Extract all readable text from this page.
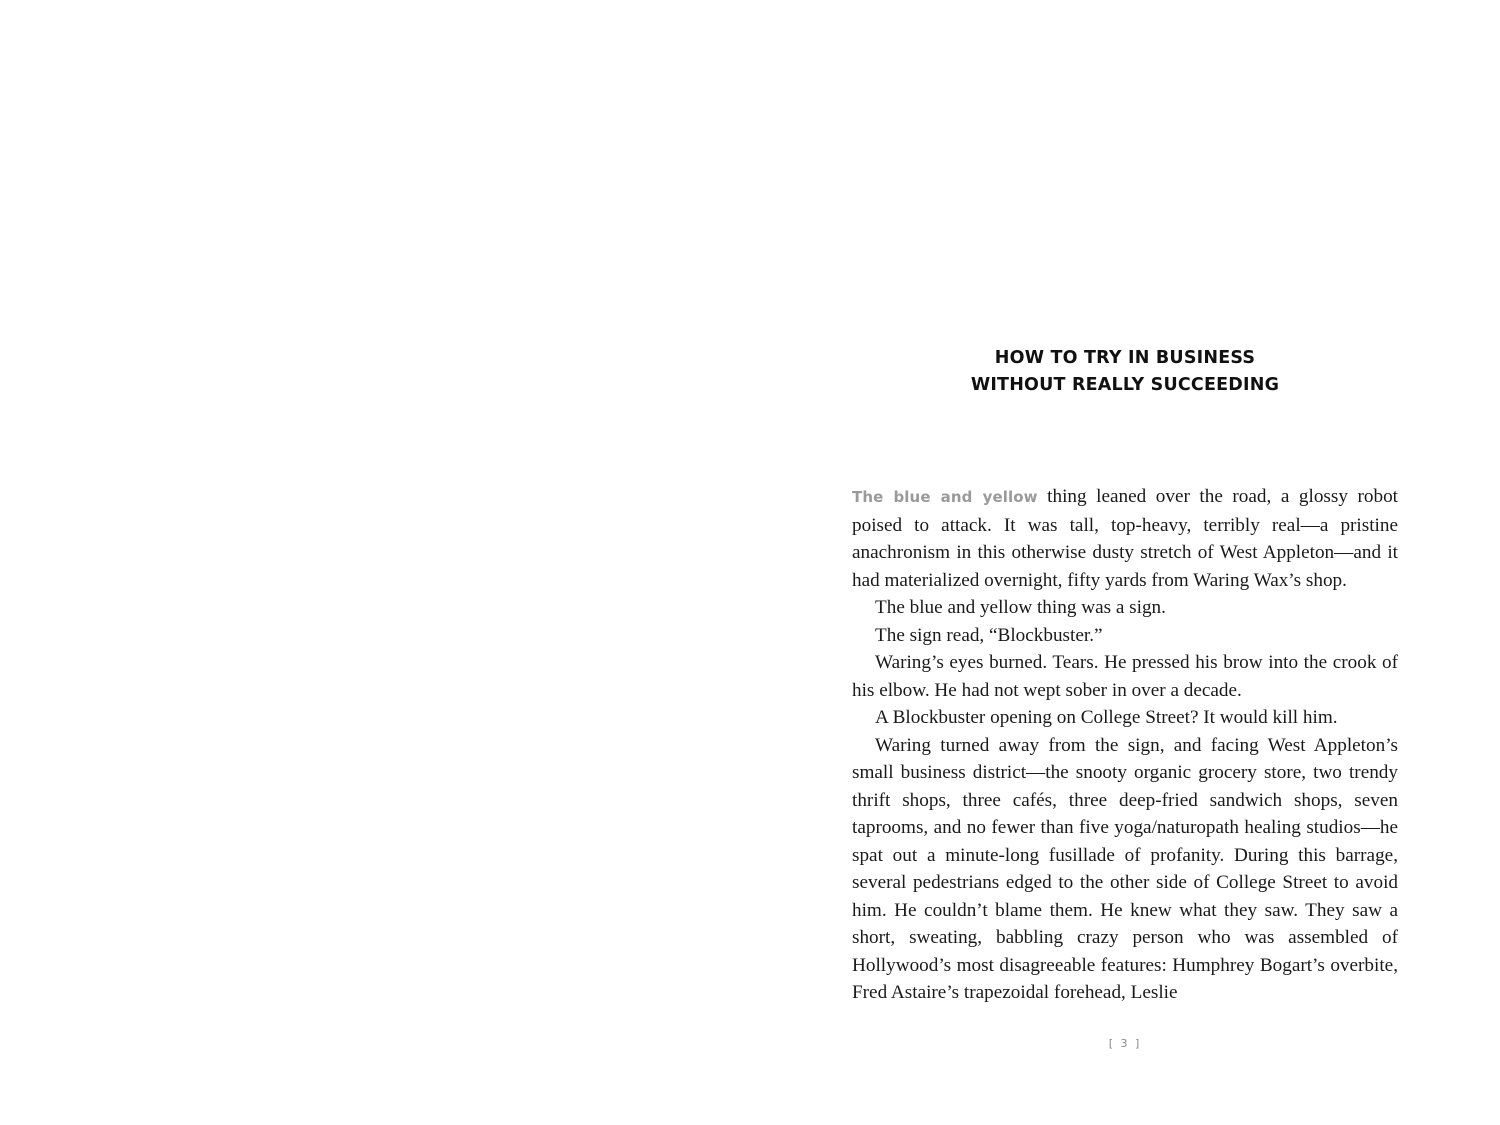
HOW TO TRY IN BUSINESS
WITHOUT REALLY SUCCEEDING

The blue and yellow thing leaned over the road, a glossy robot poised to attack. It was tall, top-heavy, terribly real—a pristine anachronism in this otherwise dusty stretch of West Appleton—and it had materialized overnight, fifty yards from Waring Wax’s shop.

The blue and yellow thing was a sign.

The sign read, “Blockbuster.”

Waring’s eyes burned. Tears. He pressed his brow into the crook of his elbow. He had not wept sober in over a decade.

A Blockbuster opening on College Street? It would kill him.

Waring turned away from the sign, and facing West Appleton’s small business district—the snooty organic grocery store, two trendy thrift shops, three cafés, three deep-fried sandwich shops, seven taprooms, and no fewer than five yoga/naturopath healing studios—he spat out a minute-long fusillade of profanity. During this barrage, several pedestrians edged to the other side of College Street to avoid him. He couldn’t blame them. He knew what they saw. They saw a short, sweating, babbling crazy person who was assembled of Hollywood’s most disagreeable features: Humphrey Bogart’s overbite, Fred Astaire’s trapezoidal forehead, Leslie

[ 3 ]
